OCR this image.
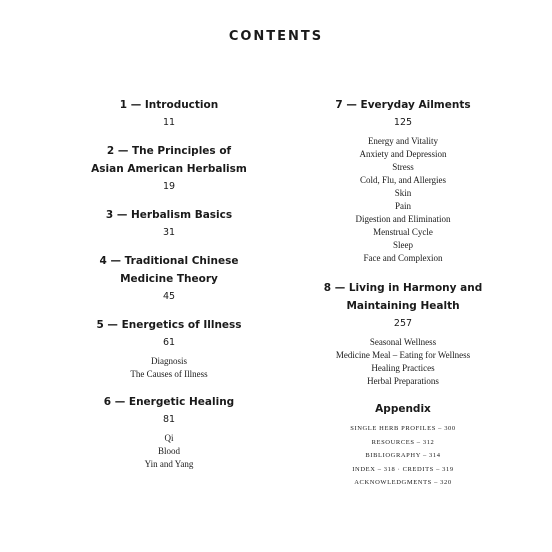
CONTENTS
1 — Introduction
11
2 — The Principles of
Asian American Herbalism
19
3 — Herbalism Basics
31
4 — Traditional Chinese
Medicine Theory
45
5 — Energetics of Illness
61
Diagnosis
The Causes of Illness
6 — Energetic Healing
81
Qi
Blood
Yin and Yang
7 — Everyday Ailments
125
Energy and Vitality
Anxiety and Depression
Stress
Cold, Flu, and Allergies
Skin
Pain
Digestion and Elimination
Menstrual Cycle
Sleep
Face and Complexion
8 — Living in Harmony and
Maintaining Health
257
Seasonal Wellness
Medicine Meal – Eating for Wellness
Healing Practices
Herbal Preparations
Appendix
SINGLE HERB PROFILES – 300
RESOURCES – 312
BIBLIOGRAPHY – 314
INDEX – 318 · CREDITS – 319
ACKNOWLEDGMENTS – 320
